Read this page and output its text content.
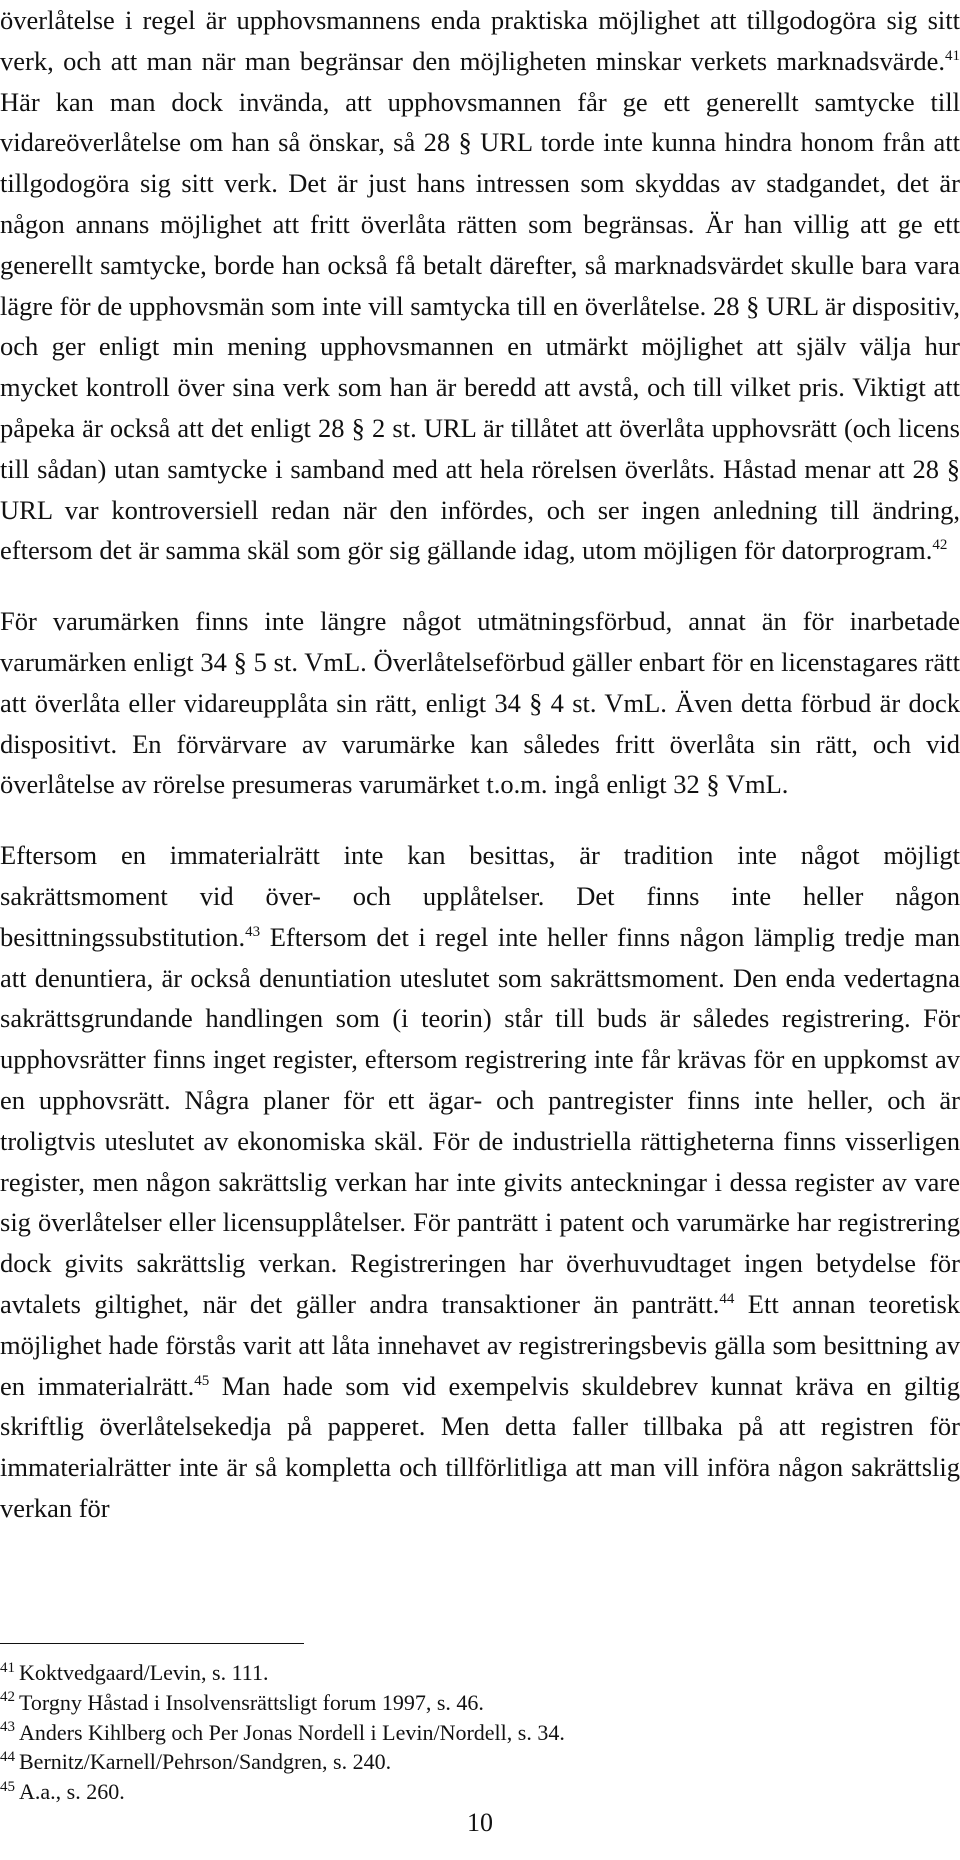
överlåtelse i regel är upphovsmannens enda praktiska möjlighet att tillgodogöra sig sitt verk, och att man när man begränsar den möjligheten minskar verkets marknadsvärde.$^{41}$ Här kan man dock invända, att upphovsmannen får ge ett generellt samtycke till vidareöverlåtelse om han så önskar, så 28 § URL torde inte kunna hindra honom från att tillgodogöra sig sitt verk. Det är just hans intressen som skyddas av stadgandet, det är någon annans möjlighet att fritt överlåta rätten som begränsas. Är han villig att ge ett generellt samtycke, borde han också få betalt därefter, så marknadsvärdet skulle bara vara lägre för de upphovsmän som inte vill samtycka till en överlåtelse. 28 § URL är dispositiv, och ger enligt min mening upphovsmannen en utmärkt möjlighet att själv välja hur mycket kontroll över sina verk som han är beredd att avstå, och till vilket pris. Viktigt att påpeka är också att det enligt 28 § 2 st. URL är tillåtet att överlåta upphovsrätt (och licens till sådan) utan samtycke i samband med att hela rörelsen överlåts. Håstad menar att 28 § URL var kontroversiell redan när den infördes, och ser ingen anledning till ändring, eftersom det är samma skäl som gör sig gällande idag, utom möjligen för datorprogram.$^{42}$

För varumärken finns inte längre något utmätningsförbud, annat än för inarbetade varumärken enligt 34 § 5 st. VmL. Överlåtelseförbud gäller enbart för en licenstagares rätt att överlåta eller vidareupplåta sin rätt, enligt 34 § 4 st. VmL. Även detta förbud är dock dispositivt. En förvärvare av varumärke kan således fritt överlåta sin rätt, och vid överlåtelse av rörelse presumeras varumärket t.o.m. ingå enligt 32 § VmL.

Eftersom en immaterialrätt inte kan besittas, är tradition inte något möjligt sakrättsmoment vid över- och upplåtelser. Det finns inte heller någon besittningssubstitution.$^{43}$ Eftersom det i regel inte heller finns någon lämplig tredje man att denuntiera, är också denuntiation uteslutet som sakrättsmoment. Den enda vedertagna sakrättsgrundande handlingen som (i teorin) står till buds är således registrering. För upphovsrätter finns inget register, eftersom registrering inte får krävas för en uppkomst av en upphovsrätt. Några planer för ett ägar- och pantregister finns inte heller, och är troligtvis uteslutet av ekonomiska skäl. För de industriella rättigheterna finns visserligen register, men någon sakrättslig verkan har inte givits anteckningar i dessa register av vare sig överlåtelser eller licensupplåtelser. För panträtt i patent och varumärke har registrering dock givits sakrättslig verkan. Registreringen har överhuvudtaget ingen betydelse för avtalets giltighet, när det gäller andra transaktioner än panträtt.$^{44}$ Ett annan teoretisk möjlighet hade förstås varit att låta innehavet av registreringsbevis gälla som besittning av en immaterialrätt.$^{45}$ Man hade som vid exempelvis skuldebrev kunnat kräva en giltig skriftlig överlåtelsekedja på papperet. Men detta faller tillbaka på att registren för immaterialrätter inte är så kompletta och tillförlitliga att man vill införa någon sakrättslig verkan för

$^{41}$ Koktvedgaard/Levin, s. 111.

$^{42}$ Torgny Håstad i Insolvensrättsligt forum 1997, s. 46.

$^{43}$ Anders Kihlberg och Per Jonas Nordell i Levin/Nordell, s. 34.

$^{44}$ Bernitz/Karnell/Pehrson/Sandgren, s. 240.

$^{45}$ A.a., s. 260.

10
